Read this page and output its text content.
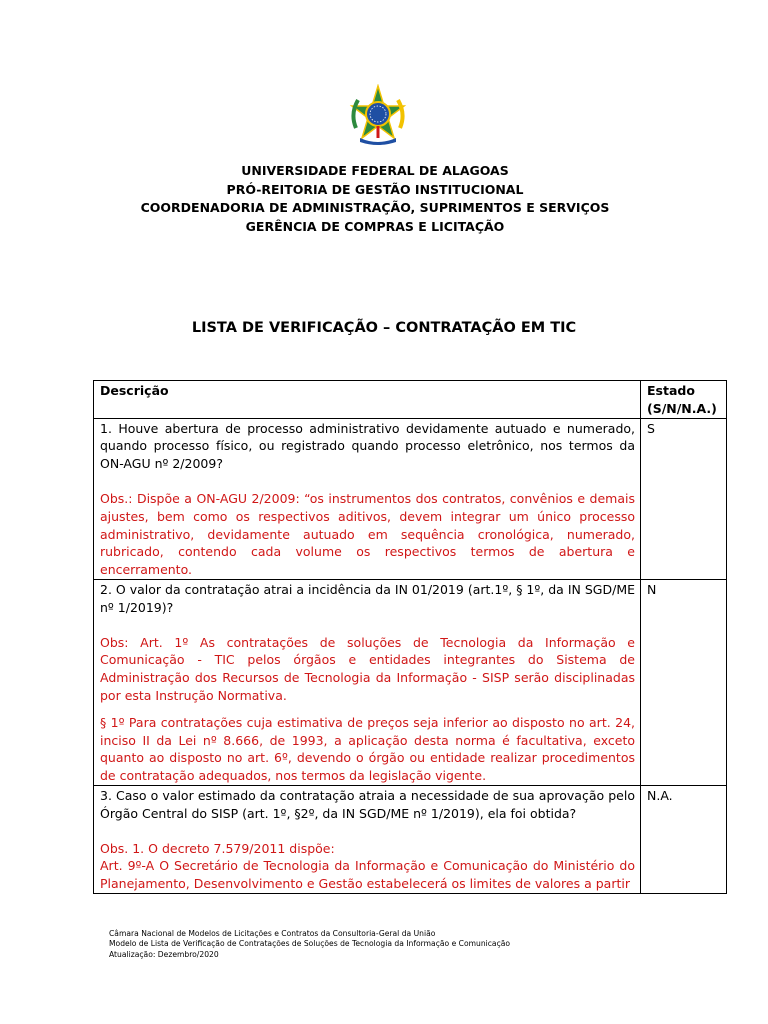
UNIVERSIDADE FEDERAL DE ALAGOAS
PRÓ-REITORIA DE GESTÃO INSTITUCIONAL
COORDENADORIA DE ADMINISTRAÇÃO, SUPRIMENTOS E SERVIÇOS
GERÊNCIA DE COMPRAS E LICITAÇÃO
LISTA DE VERIFICAÇÃO – CONTRATAÇÃO EM TIC
Descrição	Estado (S/N/N.A.)

1. Houve abertura de processo administrativo devidamente autuado e numerado, quando processo físico, ou registrado quando processo eletrônico, nos termos da ON-AGU nº 2/2009?

Obs.: Dispõe a ON-AGU 2/2009: “os instrumentos dos contratos, convênios e demais ajustes, bem como os respectivos aditivos, devem integrar um único processo administrativo, devidamente autuado em sequência cronológica, numerado, rubricado, contendo cada volume os respectivos termos de abertura e encerramento.	S

2. O valor da contratação atrai a incidência da IN 01/2019 (art.1º, § 1º, da IN SGD/ME nº 1/2019)?

Obs: Art. 1º As contratações de soluções de Tecnologia da Informação e Comunicação - TIC pelos órgãos e entidades integrantes do Sistema de Administração dos Recursos de Tecnologia da Informação - SISP serão disciplinadas por esta Instrução Normativa.

§ 1º Para contratações cuja estimativa de preços seja inferior ao disposto no art. 24, inciso II da Lei nº 8.666, de 1993, a aplicação desta norma é facultativa, exceto quanto ao disposto no art. 6º, devendo o órgão ou entidade realizar procedimentos de contratação adequados, nos termos da legislação vigente.	N

3. Caso o valor estimado da contratação atraia a necessidade de sua aprovação pelo Órgão Central do SISP (art. 1º, §2º, da IN SGD/ME nº 1/2019), ela foi obtida?

Obs. 1. O decreto 7.579/2011 dispõe:

Art. 9º-A O Secretário de Tecnologia da Informação e Comunicação do Ministério do Planejamento, Desenvolvimento e Gestão estabelecerá os limites de valores a partir	N.A.
Câmara Nacional de Modelos de Licitações e Contratos da Consultoria-Geral da União
Modelo de Lista de Verificação de Contratações de Soluções de Tecnologia da Informação e Comunicação
Atualização: Dezembro/2020
